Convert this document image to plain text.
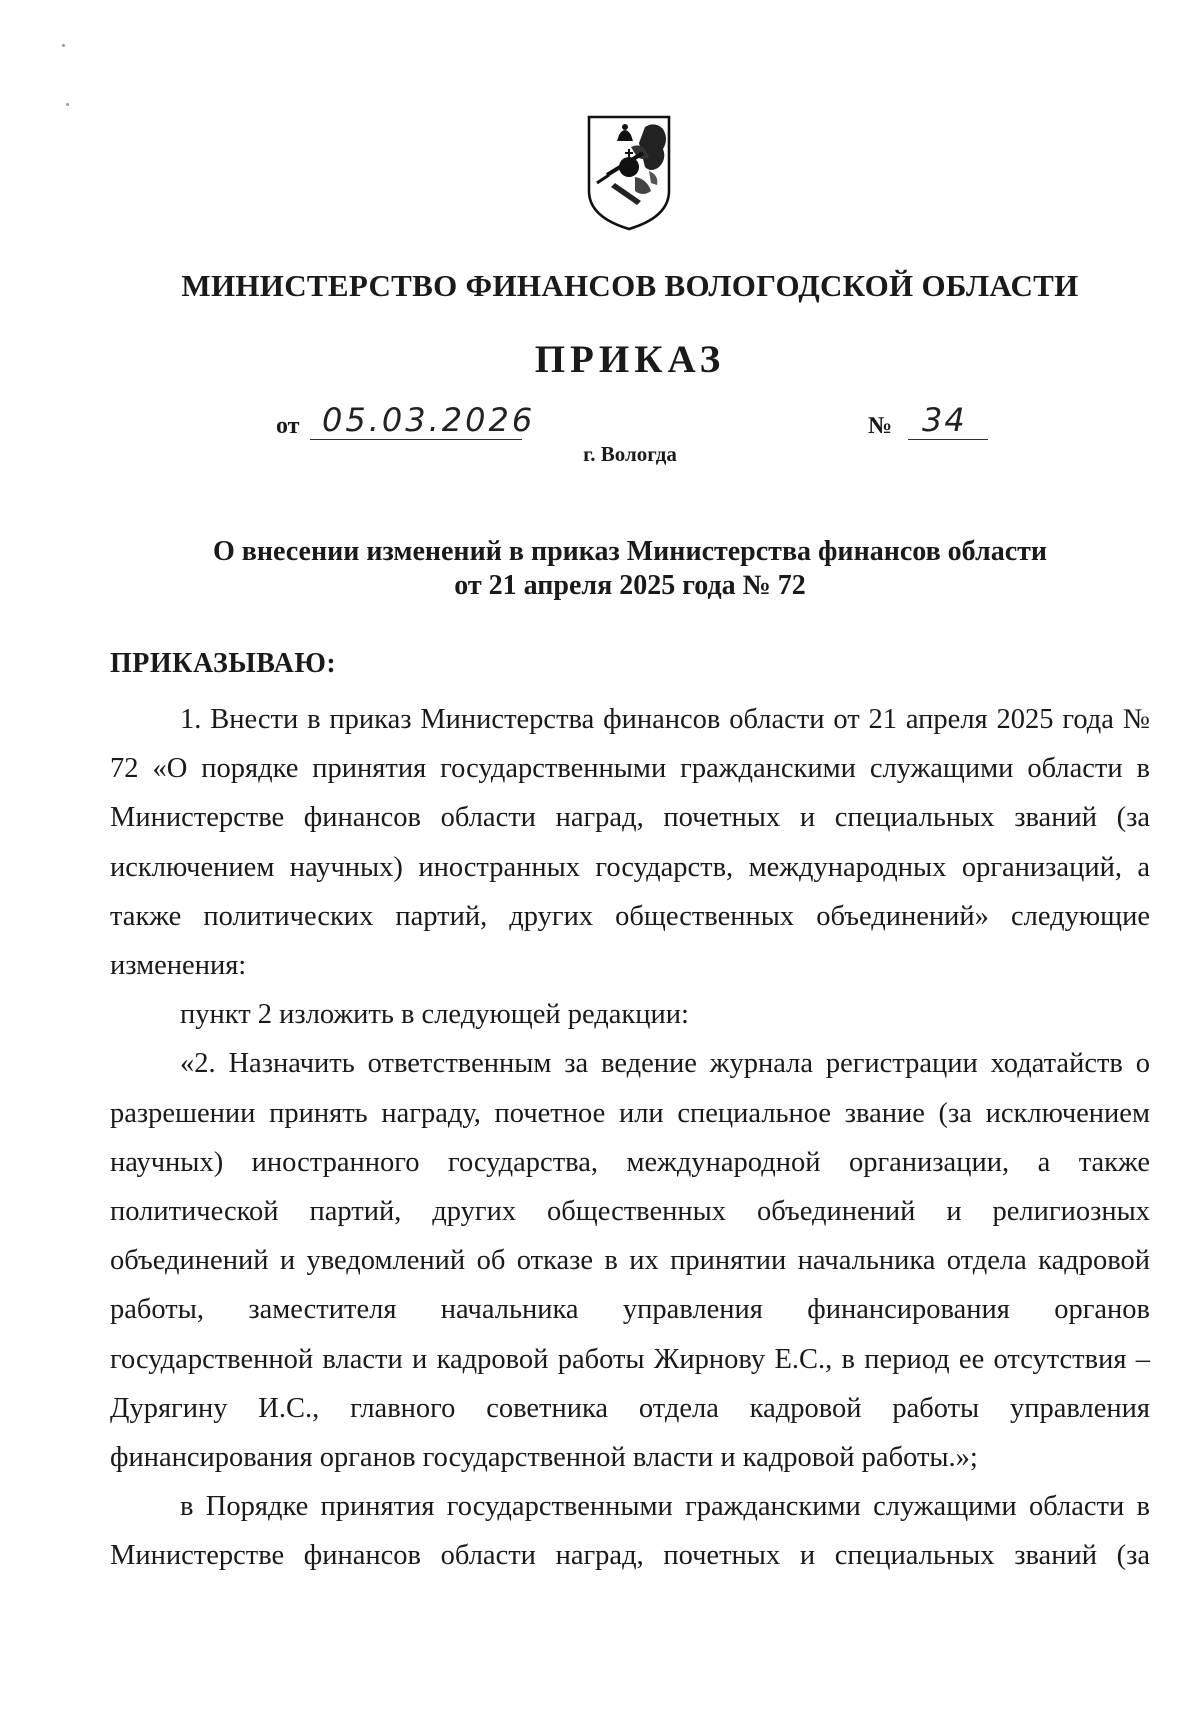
МИНИСТЕРСТВО ФИНАНСОВ ВОЛОГОДСКОЙ ОБЛАСТИ
ПРИКАЗ
от 05.03.2026	№ 34
г. Вологда
О внесении изменений в приказ Министерства финансов области
от 21 апреля 2025 года № 72
ПРИКАЗЫВАЮ:

1. Внести в приказ Министерства финансов области от 21 апреля 2025 года № 72 «О порядке принятия государственными гражданскими служащими области в Министерстве финансов области наград, почетных и специальных званий (за исключением научных) иностранных государств, международных организаций, а также политических партий, других общественных объединений» следующие изменения:

пункт 2 изложить в следующей редакции:

«2. Назначить ответственным за ведение журнала регистрации ходатайств о разрешении принять награду, почетное или специальное звание (за исключением научных) иностранного государства, международной организации, а также политической партий, других общественных объединений и религиозных объединений и уведомлений об отказе в их принятии начальника отдела кадровой работы, заместителя начальника управления финансирования органов государственной власти и кадровой работы Жирнову Е.С., в период ее отсутствия – Дурягину И.С., главного советника отдела кадровой работы управления финансирования органов государственной власти и кадровой работы.»;

в Порядке принятия государственными гражданскими служащими области в Министерстве финансов области наград, почетных и специальных званий (за
